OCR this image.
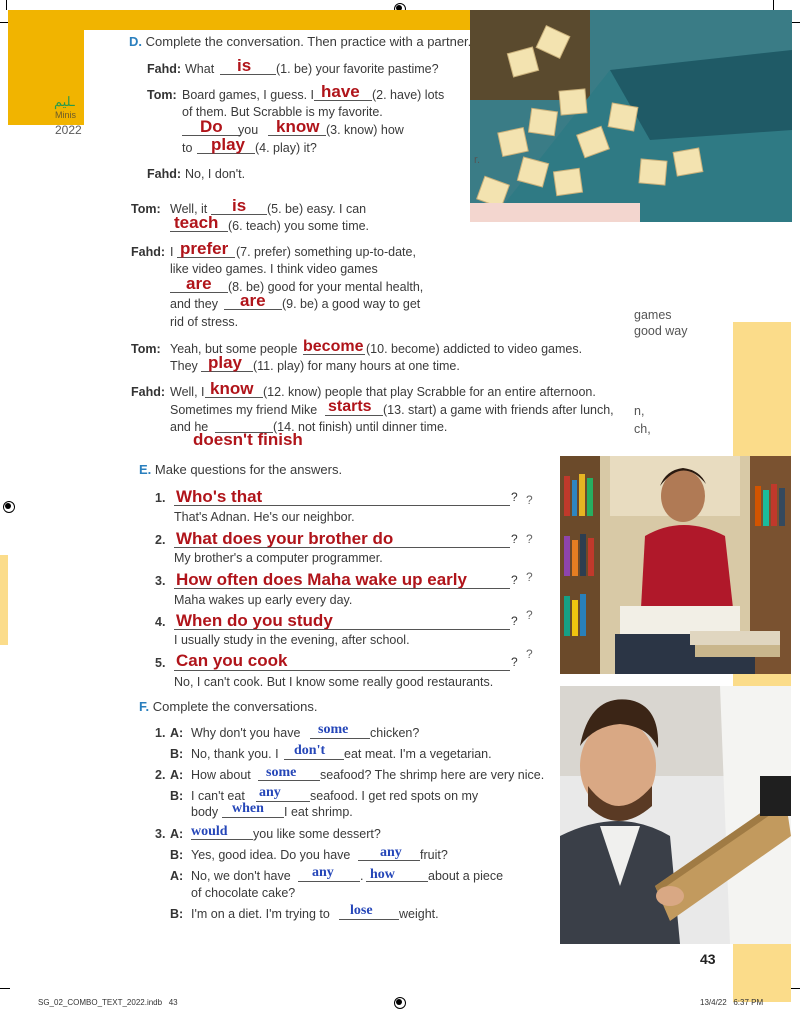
ـليم
Minis
2022
D. Complete the conversation. Then practice with a partner.
Fahd: What is (1. be) your favorite pastime?
Tom: Board games, I guess. I have (2. have) lots
of them. But Scrabble is my favorite.
Do you know (3. know) how
to play (4. play) it?
Fahd: No, I don't.
r.
Tom: Well, it is (5. be) easy. I can
teach (6. teach) you some time.
Fahd: I prefer (7. prefer) something up-to-date,
like video games. I think video games
are (8. be) good for your mental health,
and they are (9. be) a good way to get
rid of stress.	games
good way
Tom: Yeah, but some people become (10. become) addicted to video games.
They play (11. play) for many hours at one time.
Fahd: Well, I know (12. know) people that play Scrabble for an entire afternoon.
Sometimes my friend Mike starts (13. start) a game with friends after lunch, n,
ch,
and he	(14. not finish) until dinner time.
doesn't finish
E. Make questions for the answers.
1. Who's that	? ?
That's Adnan. He's our neighbor.
2. What does your brother do	? ?
My brother's a computer programmer.
3. How often does Maha wake up early	? ?
Maha wakes up early every day.
4. When do you study	? ?
I usually study in the evening, after school.
5. Can you cook	?
?
No, I can't cook. But I know some really good restaurants.
F. Complete the conversations.
1. A: Why don't you have some chicken?
B: No, thank you. I don't eat meat. I'm a vegetarian.
2. A: How about some seafood? The shrimp here are very nice.
B: I can't eat any seafood. I get red spots on my
body when I eat shrimp.
3. A: would you like some dessert?
B: Yes, good idea. Do you have any fruit?
A: No, we don't have any . how	about a piece
of chocolate cake?
B: I'm on a diet. I'm trying to lose weight.
43
SG_02_COMBO_TEXT_2022.indb   43	13/4/22   6:37 PM
